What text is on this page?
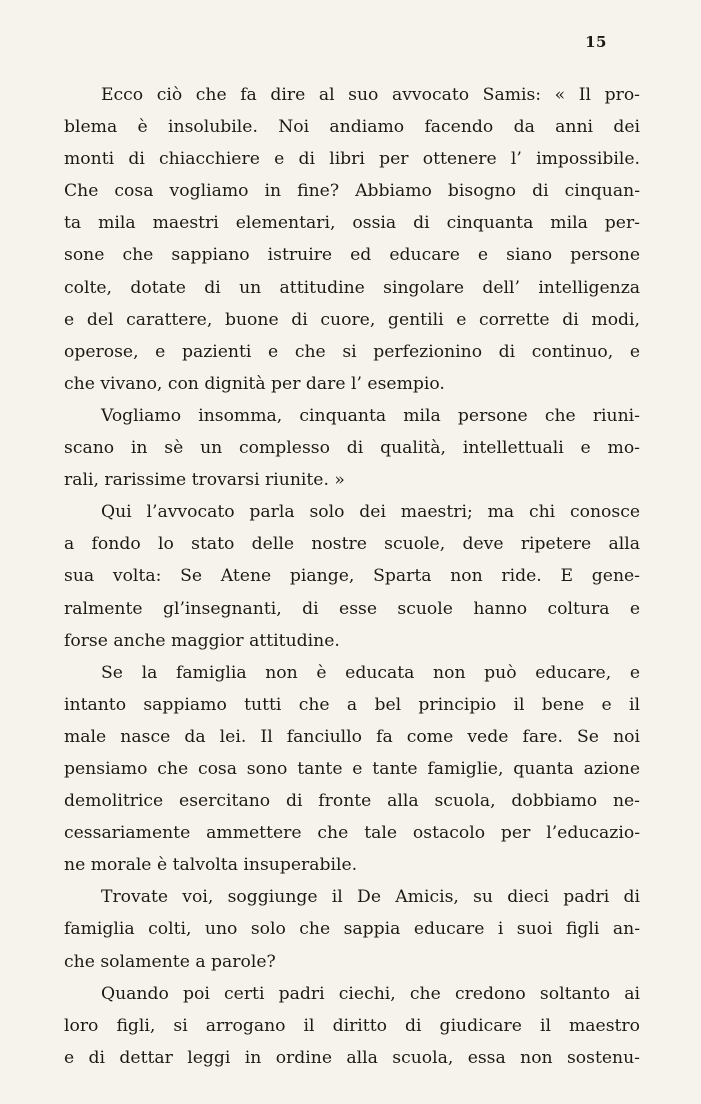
15
Ecco ciò che fa dire al suo avvocato Samis: « Il pro-
blema è insolubile. Noi andiamo facendo da anni dei
monti di chiacchiere e di libri per ottenere l’ impossibile.
Che cosa vogliamo in fine? Abbiamo bisogno di cinquan-
ta mila maestri elementari, ossia di cinquanta mila per-
sone che sappiano istruire ed educare e siano persone
colte, dotate di un attitudine singolare dell’ intelligenza
e del carattere, buone di cuore, gentili e corrette di modi,
operose, e pazienti e che si perfezionino di continuo, e
che vivano, con dignità per dare l’ esempio.
Vogliamo insomma, cinquanta mila persone che riuni-
scano in sè un complesso di qualità, intellettuali e mo-
rali, rarissime trovarsi riunite. »
Qui l’avvocato parla solo dei maestri; ma chi conosce
a fondo lo stato delle nostre scuole, deve ripetere alla
sua volta: Se Atene piange, Sparta non ride. E gene-
ralmente gl’insegnanti, di esse scuole hanno coltura e
forse anche maggior attitudine.
Se la famiglia non è educata non può educare, e
intanto sappiamo tutti che a bel principio il bene e il
male nasce da lei. Il fanciullo fa come vede fare. Se noi
pensiamo che cosa sono tante e tante famiglie, quanta azione
demolitrice esercitano di fronte alla scuola, dobbiamo ne-
cessariamente ammettere che tale ostacolo per l’educazio-
ne morale è talvolta insuperabile.
Trovate voi, soggiunge il De Amicis, su dieci padri di
famiglia colti, uno solo che sappia educare i suoi figli an-
che solamente a parole?
Quando poi certi padri ciechi, che credono soltanto ai
loro figli, si arrogano il diritto di giudicare il maestro
e di dettar leggi in ordine alla scuola, essa non sostenu-
